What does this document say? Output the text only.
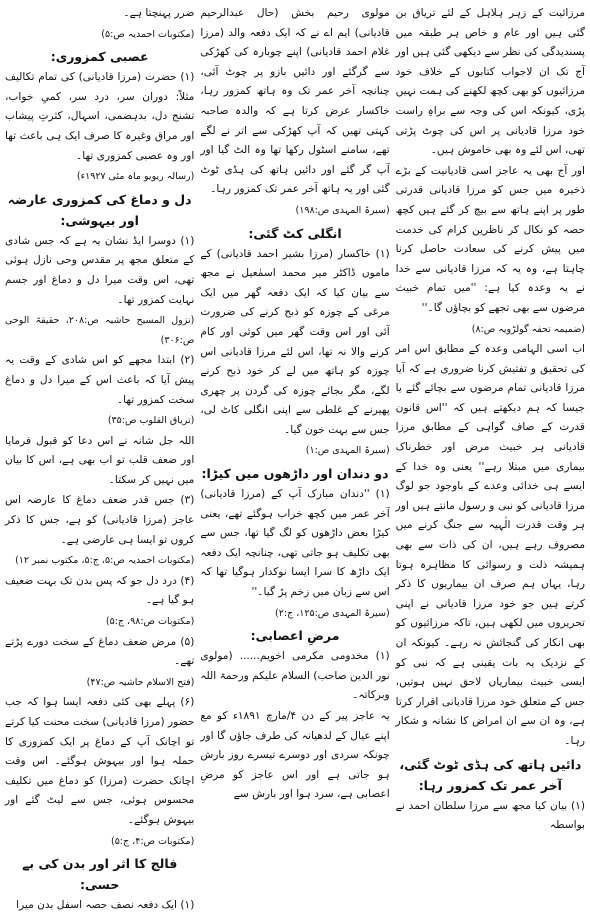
مرزائیت کے زہر ہلاہل کے لئے تریاق بن گئی ہیں اور عام و خاص ہر طبقہ میں پسندیدگی کی نظر سے دیکھی گئی ہیں اور آج تک ان لاجواب کتابوں کے خلاف خود مرزائیوں کو بھی کچھ لکھنے کی ہمت نہیں پڑی، کیونکہ اس کی وجہ سے براہِ راست خود مرزا قادیانی پر اس کی چوٹ پڑتی تھی، اس لئے وہ بھی خاموش ہیں۔

اور آج بھی یہ عاجز اسی قادیانیت کے بڑے ذخیرہ میں جس کو مرزا قادیانی قدرتی طور پر اپنے ہاتھ سے بیچ کر گئے ہیں کچھ حصہ کو نکال کر ناظرین کرام کی خدمت میں پیش کرنے کی سعادت حاصل کرنا چاہتا ہے، وہ یہ کہ مرزا قادیانی سے خدا نے یہ وعدہ کیا ہے: ''میں تمام خبیث مرضوں سے بھی تجھے کو بچاؤں گا۔''

(ضمیمہ تحفہ گولڑویہ ص:۸)

اب اسی الہامی وعدہ کے مطابق اس امر کی تحقیق و تفتیش کرنا ضروری ہے کہ آیا مرزا قادیانی تمام مرضوں سے بچائے گئے یا جیسا کہ ہم دیکھتے ہیں کہ ''اس قانون قدرت کے صاف گواہی کے مطابق مرزا قادیانی ہر خبیث مرض اور خطرناک بیماری میں مبتلا رہے'' یعنی وہ خدا کے ایسے ہی خدائی وعدے کے باوجود جو لوگ مرزا قادیانی کو نبی و رسول مانتے ہیں اور ہر وقت قدرت الٰہیہ سے جنگ کرنے میں مصروف رہے ہیں، ان کی ذات سے بھی ہمیشہ ذلت و رسوائی کا مظاہرہ ہوتا رہا، یہاں ہم صرف ان بیماریوں کا ذکر کرتے ہیں جو خود مرزا قادیانی نے اپنی تحریروں میں لکھی ہیں، تاکہ مرزائیوں کو بھی انکار کی گنجائش نہ رہے۔ کیونکہ ان کے نزدیک یہ بات یقینی ہے کہ نبی کو ایسی خبیث بیماریاں لاحق نہیں ہوتیں، جس کے متعلق خود مرزا قادیانی اقرار کرتا ہے، وہ ان سے ان امراض کا نشانہ و شکار رہا۔

دائیں ہاتھ کی ہڈی ٹوٹ گئی، آخر عمر تک کمزور رہا:

(۱) بیان کیا مجھ سے مرزا سلطان احمد نے بواسطہ

مولوی رحیم بخش (حال عبدالرحیم قادیانی) ایم اے نے کہ ایک دفعہ والد (مرزا غلام احمد قادیانی) اپنے چوبارہ کی کھڑکی سے گرگئے اور دائیں بازو پر چوٹ آئی، چنانچہ آخر عمر تک وہ ہاتھ کمزور رہا، خاکسار عرض کرتا ہے کہ والدہ صاحبہ کہتی تھیں کہ آپ کھڑکی سے اتر نے لگے تھے، سامنے اسٹول رکھا تھا وہ الٹ گیا اور آپ گر گئے اور دائیں ہاتھ کی ہڈی ٹوٹ گئی اور یہ ہاتھ آخر عمر تک کمزور رہا۔

(سیرۃ المہدی ص:۱۹۸)

انگلی کٹ گئی:

(۱) خاکسار (مرزا بشیر احمد قادیانی) کے ماموں ڈاکٹر میر محمد اسمٰعیل نے مجھ سے بیان کیا کہ ایک دفعہ گھر میں ایک مرغی کے چوزہ کو ذبح کرنے کی ضرورت آئی اور اس وقت گھر میں کوئی اور کام کرنے والا نہ تھا، اس لئے مرزا قادیانی اس چوزہ کو ہاتھ میں لے کر خود ذبح کرنے لگے، مگر بجائے چوزہ کی گردن پر چھری پھیرنے کے غلطی سے اپنی انگلی کاٹ لی، جس سے بہت خون گیا۔

(سیرۃ المہدی ص:۱)

دو دندان اور داڑھوں میں کیڑا:

(۱) ''دندان مبارک آپ کے (مرزا قادیانی) آخر عمر میں کچھ خراب ہوگئے تھے، یعنی کیڑا بعض داڑھوں کو لگ گیا تھا، جس سے بھی تکلیف ہو جاتی تھی، چنانچہ ایک دفعہ ایک داڑھ کا سرا ایسا نوکدار ہوگیا تھا کہ اس سے زبان میں زخم پڑ گیا۔''

(سیرۃ المہدی ص:۱۲۵، ج:۲)

مرضِ اعصابی:

(۱) مخدومی مکرمی اخویم...... (مولوی نور الدین صاحب) السلام علیکم ورحمۃ اللہ وبرکاتہ۔

یہ عاجز پیر کے دن ۴/مارچ ۱۸۹۱ء کو مع اپنے عیال کے لدھیانہ کی طرف جاؤں گا اور چونکہ سردی اور دوسرے تیسرے روز بارش ہو جاتی ہے اور اس عاجز کو مرضِ اعصابی ہے، سرد ہوا اور بارش سے

ضرر پہنچتا ہے۔

(مکتوبات احمدیہ ص:۵)

عصبی کمزوری:

(۱) حضرت (مرزا قادیانی) کی تمام تکالیف مثلاً: دوران سر، درد سر، کمیِ خواب، تشنج دل، بدہضمی، اسہال، کثرتِ پیشاب اور مراق وغیرہ کا صرف ایک ہی باعث تھا اور وہ عصبی کمزوری تھا۔

(رسالہ ریویو ماہ مئی ۱۹۲۷ء)

دل و دماغ کی کمزوری عارضہ اور بیہوشی:

(۱) دوسرا ایڈ نشان یہ ہے کہ جس شادی کے متعلق مجھ پر مقدس وحی نازل ہوئی تھی، اس وقت میرا دل و دماغ اور جسم نہایت کمزور تھا۔

(نزول المسیح حاشیہ ص:۲۰۸، حقیقۃ الوحی ص:۳۰۶)

(۲) ابتدا مجھے کو اس شادی کے وقت یہ پیش آیا کہ باعث اس کے میرا دل و دماغ سخت کمزور تھا۔

(تریاق القلوب ص:۳۵)

اللہ جل شانہ نے اس دعا کو قبول فرمایا اور ضعف قلب تو اب بھی ہے، اس کا بیان میں نہیں کر سکتا۔

(۳) جس قدر ضعف دماغ کا عارضہ اس عاجز (مرزا قادیانی) کو ہے، جس کا ذکر کروں تو ایسا ہی عارضی ہے۔

(مکتوبات احمدیہ ص:۵، ج:۵، مکتوب نمبر ۱۲)

(۴) درد دل جو کہ پس بدن تک بہت ضعیف ہو گیا ہے۔

(مکتوبات ص:۹۸، ج:۵)

(۵) مرض ضعف دماغ کے سخت دورے پڑتے تھے۔

(فتح الاسلام حاشیہ ص:۴۷)

(۶) پہلے بھی کئی دفعہ ایسا ہوا کہ جب حضور (مرزا قادیانی) سخت محنت کیا کرتے تو اچانک آپ کے دماغ پر ایک کمزوری کا حملہ ہوا اور بیہوش ہوگئے۔ اس وقت اچانک حضرت (مرزا) کو دماغ میں تکلیف محسوس ہوئی، جس سے لیٹ گئے اور بیہوش ہوگئے۔

(مکتوبات ص:۴، ج:۵)

فالج کا اثر اور بدن کی بے حسی:

(۱) ایک دفعہ نصف حصہ اسفل بدن میرا
